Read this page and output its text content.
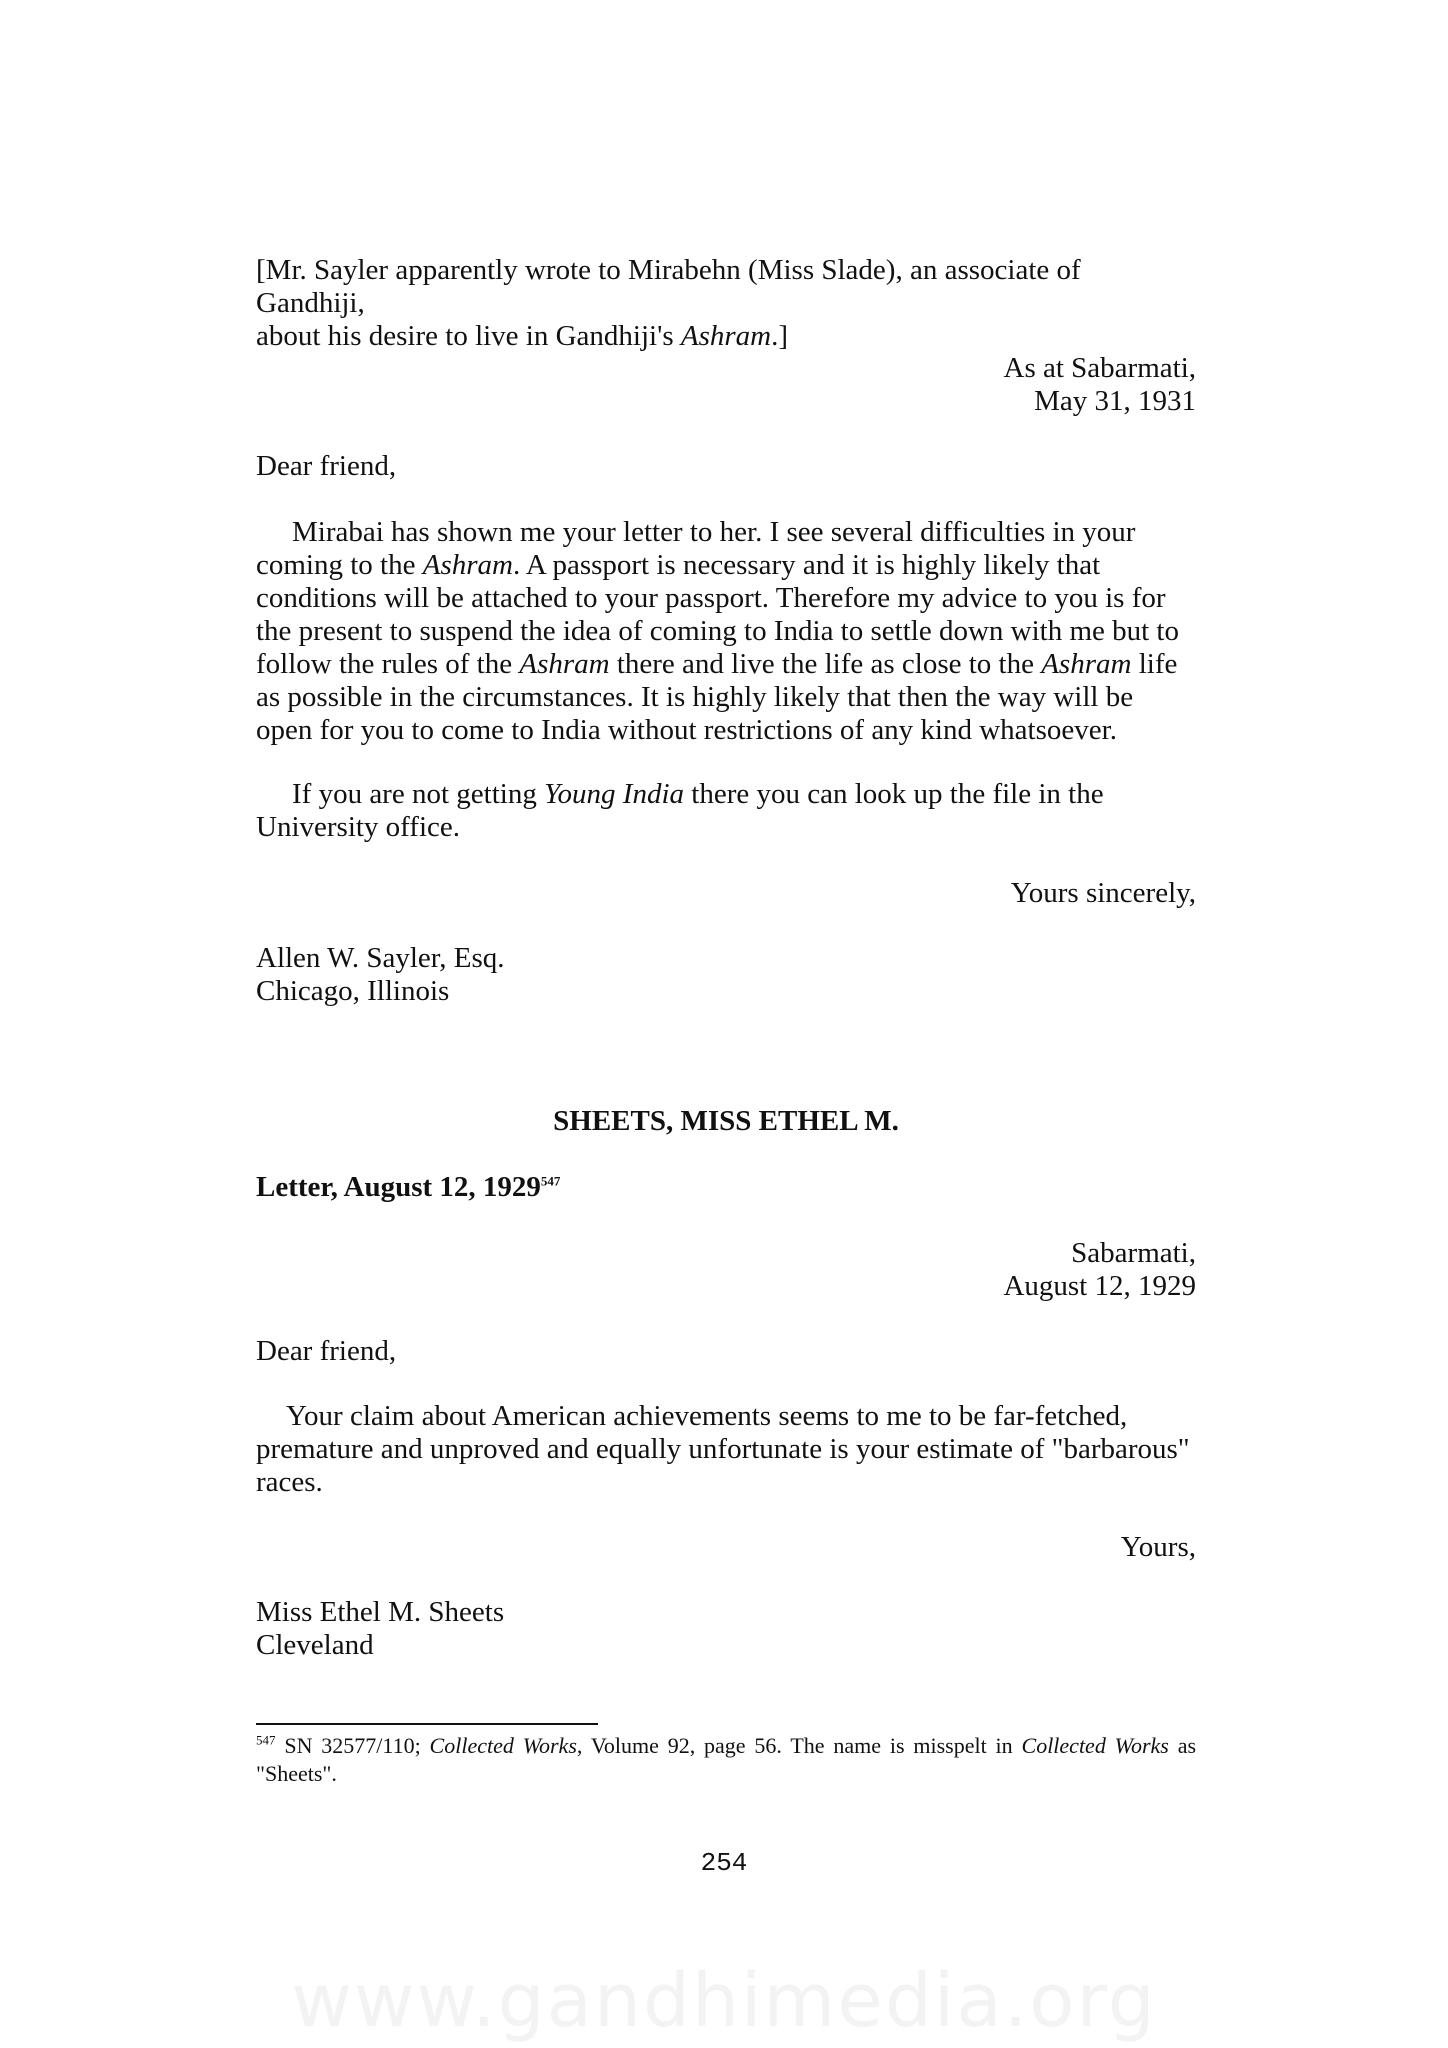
[Mr. Sayler apparently wrote to Mirabehn (Miss Slade), an associate of Gandhiji,
about his desire to live in Gandhiji's Ashram.]
As at Sabarmati,
May 31, 1931
Dear friend,
Mirabai has shown me your letter to her. I see several difficulties in your coming to the Ashram. A passport is necessary and it is highly likely that conditions will be attached to your passport. Therefore my advice to you is for the present to suspend the idea of coming to India to settle down with me but to follow the rules of the Ashram there and live the life as close to the Ashram life as possible in the circumstances. It is highly likely that then the way will be open for you to come to India without restrictions of any kind whatsoever.
If you are not getting Young India there you can look up the file in the University office.
Yours sincerely,
Allen W. Sayler, Esq.
Chicago, Illinois
SHEETS, MISS ETHEL M.
Letter, August 12, 1929$^{547}$
Sabarmati,
August 12, 1929
Dear friend,
Your claim about American achievements seems to me to be far-fetched, premature and unproved and equally unfortunate is your estimate of "barbarous" races.
Yours,
Miss Ethel M. Sheets
Cleveland
$^{547}$ SN 32577/110; Collected Works, Volume 92, page 56. The name is misspelt in Collected Works as "Sheets".
254
www.gandhimedia.org
